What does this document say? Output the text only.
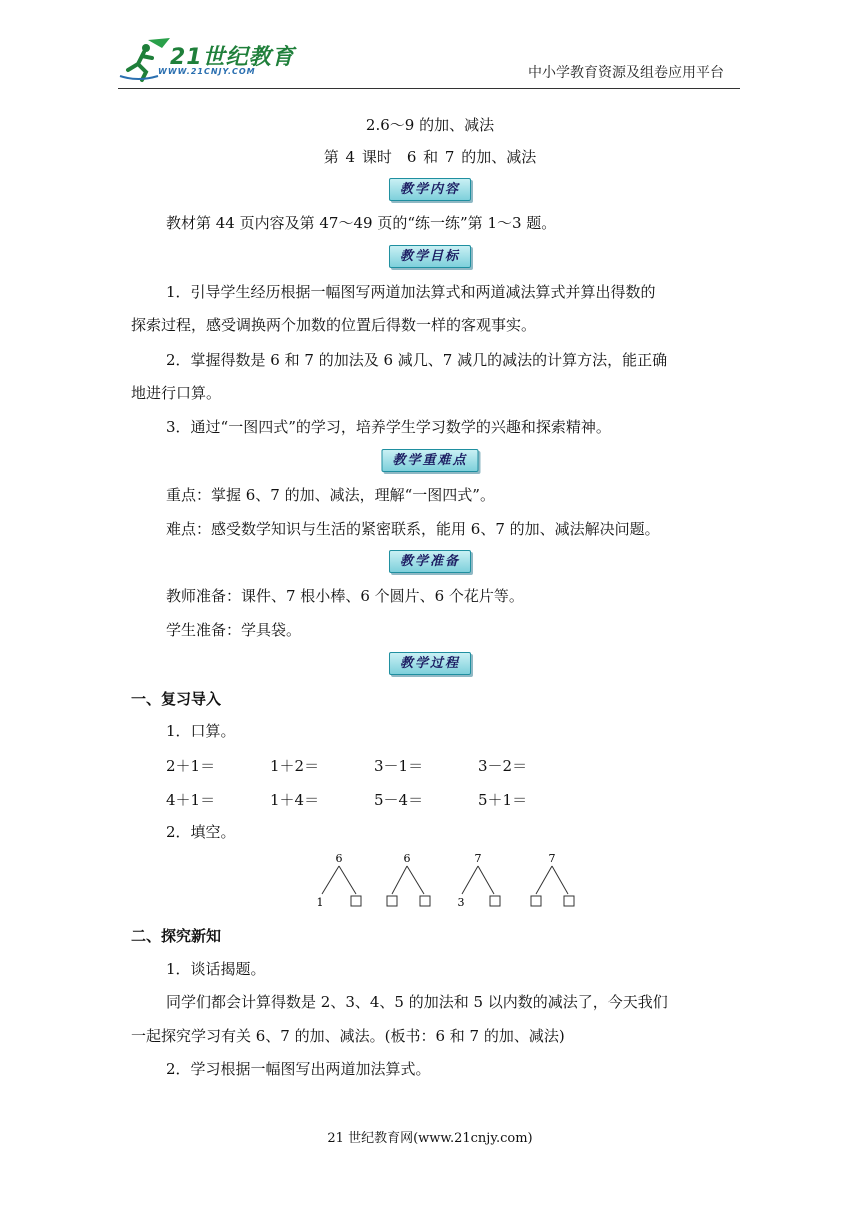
21世纪教育
WWW.21CNJY.COM	中小学教育资源及组卷应用平台
2.6～9 的加、减法
第 4 课时　6 和 7 的加、减法
教学内容
教材第 44 页内容及第 47～49 页的“练一练”第 1～3 题。
教学目标
1．引导学生经历根据一幅图写两道加法算式和两道减法算式并算出得数的
探索过程，感受调换两个加数的位置后得数一样的客观事实。
2．掌握得数是 6 和 7 的加法及 6 减几、7 减几的减法的计算方法，能正确
地进行口算。
3．通过“一图四式”的学习，培养学生学习数学的兴趣和探索精神。
教学重难点
重点：掌握 6、7 的加、减法，理解“一图四式”。
难点：感受数学知识与生活的紧密联系，能用 6、7 的加、减法解决问题。
教学准备
教师准备：课件、7 根小棒、6 个圆片、6 个花片等。
学生准备：学具袋。
教学过程
一、复习导入
1．口算。
2＋1＝	1＋2＝	3－1＝	3－2＝
4＋1＝	1＋4＝	5－4＝	5＋1＝
2．填空。
6
1
6	7
3
7
二、探究新知
1．谈话揭题。
同学们都会计算得数是 2、3、4、5 的加法和 5 以内数的减法了，今天我们
一起探究学习有关 6、7 的加、减法。(板书：6 和 7 的加、减法)
2．学习根据一幅图写出两道加法算式。
21 世纪教育网(www.21cnjy.com)
